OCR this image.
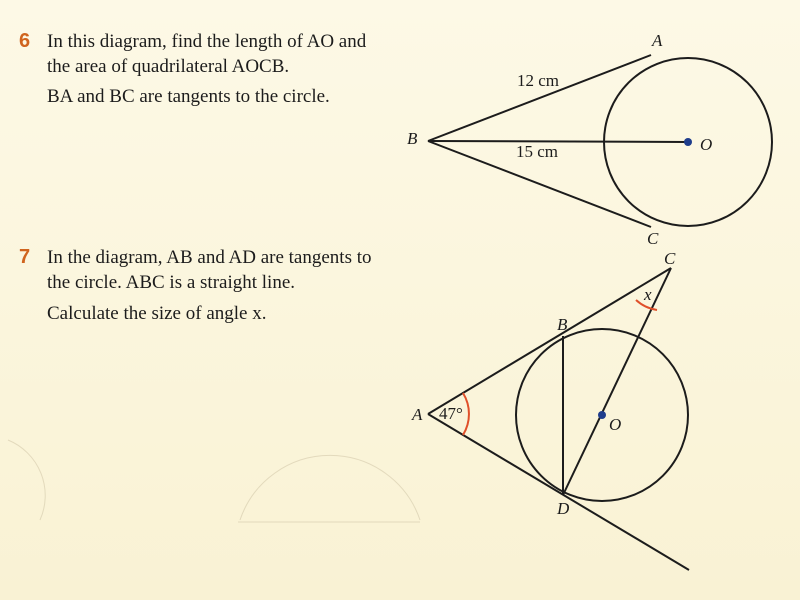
6 In this diagram, find the length of AO and
the area of quadrilateral AOCB.
BA and BC are tangents to the circle.
7 In the diagram, AB and AD are tangents to
the circle. ABC is a straight line.
Calculate the size of angle x.
A
B
C
O
12 cm
15 cm
A
B
C
D
O
47°
x
